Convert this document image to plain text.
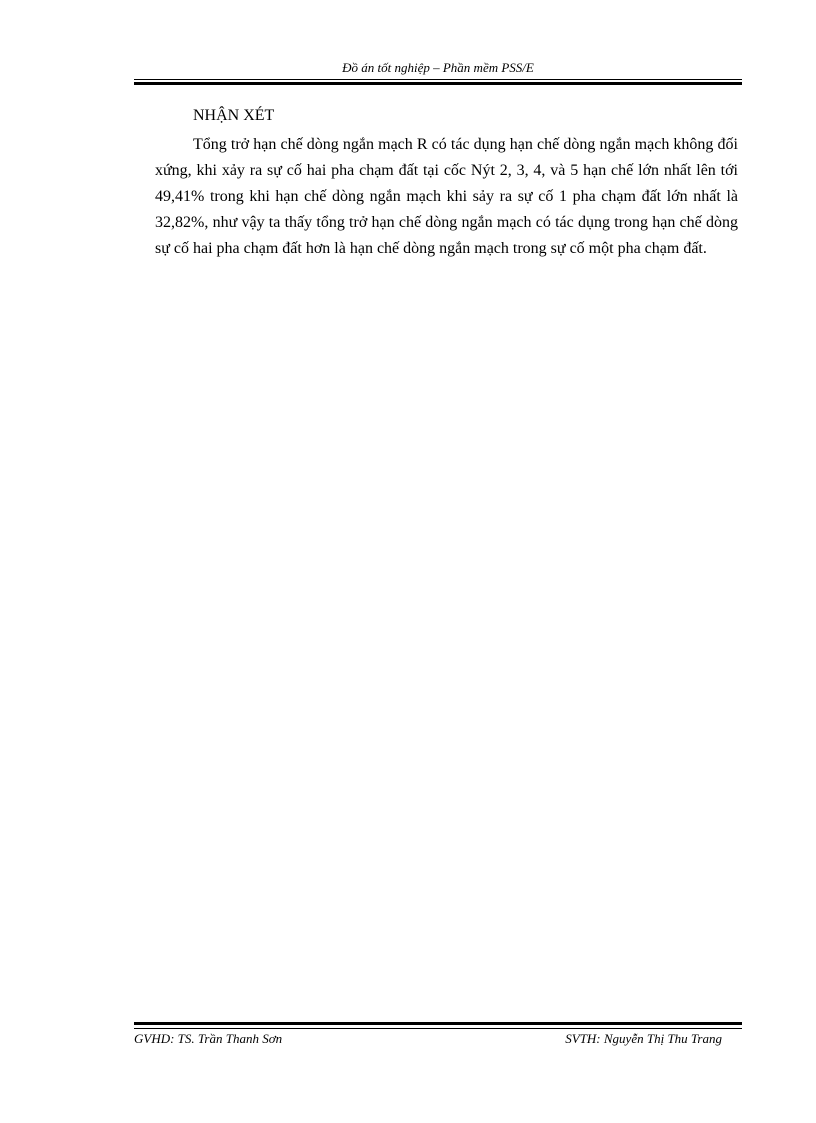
Đồ án tốt nghiệp – Phần mềm PSS/E
NHẬN XÉT

Tổng trở hạn chế dòng ngắn mạch R có tác dụng hạn chế dòng ngắn mạch không đối xứng, khi xảy ra sự cố hai pha chạm đất tại cốc Nýt 2, 3, 4, và 5 hạn chế lớn nhất lên tới 49,41% trong khi hạn chế dòng ngắn mạch khi sảy ra sự cố 1 pha chạm đất lớn nhất là 32,82%, như vậy ta thấy tổng trở hạn chế dòng ngắn mạch có tác dụng trong hạn chế dòng sự cố hai pha chạm đất hơn là hạn chế dòng ngắn mạch trong sự cố một pha chạm đất.

GVHD: TS. Trần Thanh Sơn	SVTH: Nguyễn Thị Thu Trang
